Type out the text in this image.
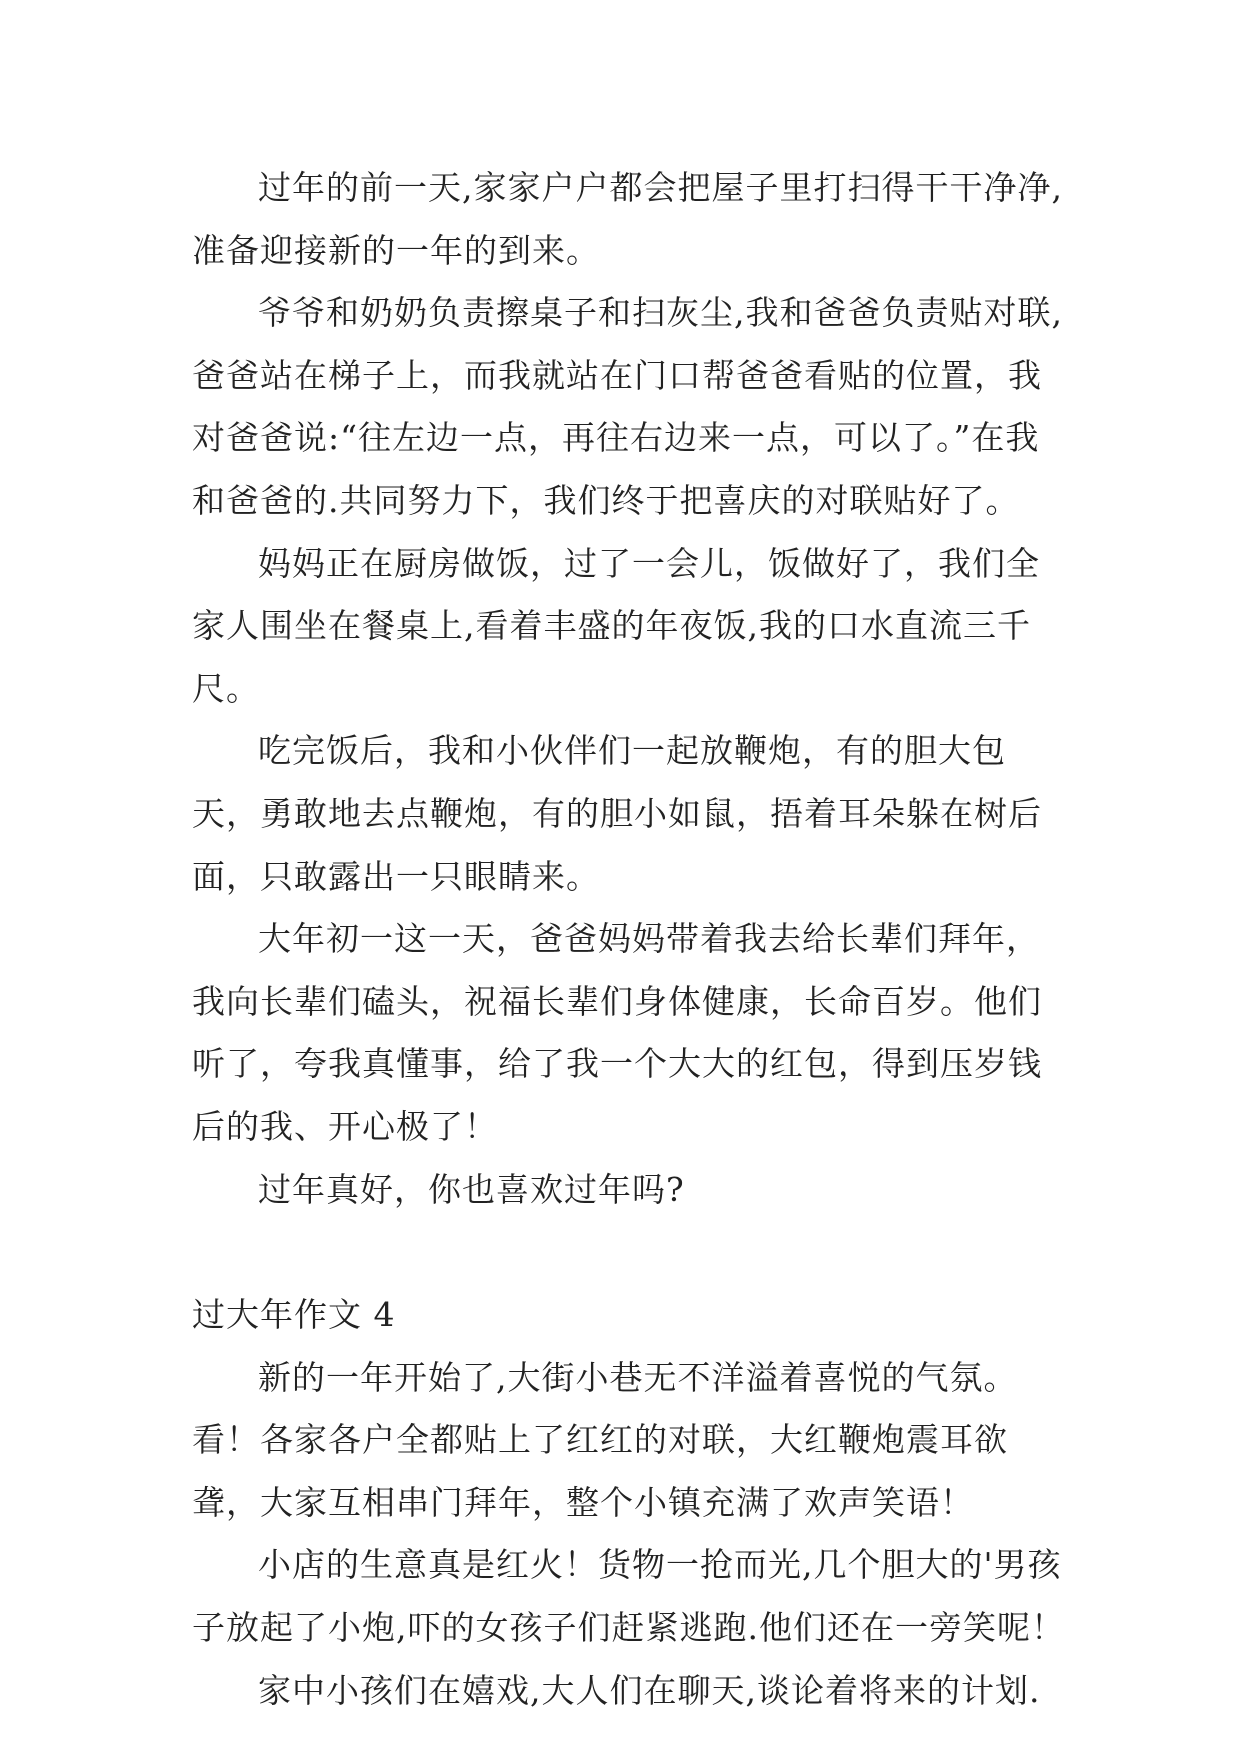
过年的前一天,家家户户都会把屋子里打扫得干干净净,准备迎接新的一年的到来。

爷爷和奶奶负责擦桌子和扫灰尘,我和爸爸负责贴对联,爸爸站在梯子上，而我就站在门口帮爸爸看贴的位置，我对爸爸说:“往左边一点，再往右边来一点，可以了。”在我和爸爸的.共同努力下，我们终于把喜庆的对联贴好了。

妈妈正在厨房做饭，过了一会儿，饭做好了，我们全家人围坐在餐桌上,看着丰盛的年夜饭,我的口水直流三千尺。

吃完饭后，我和小伙伴们一起放鞭炮，有的胆大包天，勇敢地去点鞭炮，有的胆小如鼠，捂着耳朵躲在树后面，只敢露出一只眼睛来。

大年初一这一天，爸爸妈妈带着我去给长辈们拜年，我向长辈们磕头，祝福长辈们身体健康，长命百岁。他们听了，夸我真懂事，给了我一个大大的红包，得到压岁钱后的我、开心极了！

过年真好，你也喜欢过年吗?

过大年作文 4

新的一年开始了,大街小巷无不洋溢着喜悦的气氛。看！各家各户全都贴上了红红的对联，大红鞭炮震耳欲聋，大家互相串门拜年，整个小镇充满了欢声笑语！

小店的生意真是红火！货物一抢而光,几个胆大的'男孩子放起了小炮,吓的女孩子们赶紧逃跑.他们还在一旁笑呢！

家中小孩们在嬉戏,大人们在聊天,谈论着将来的计划.
